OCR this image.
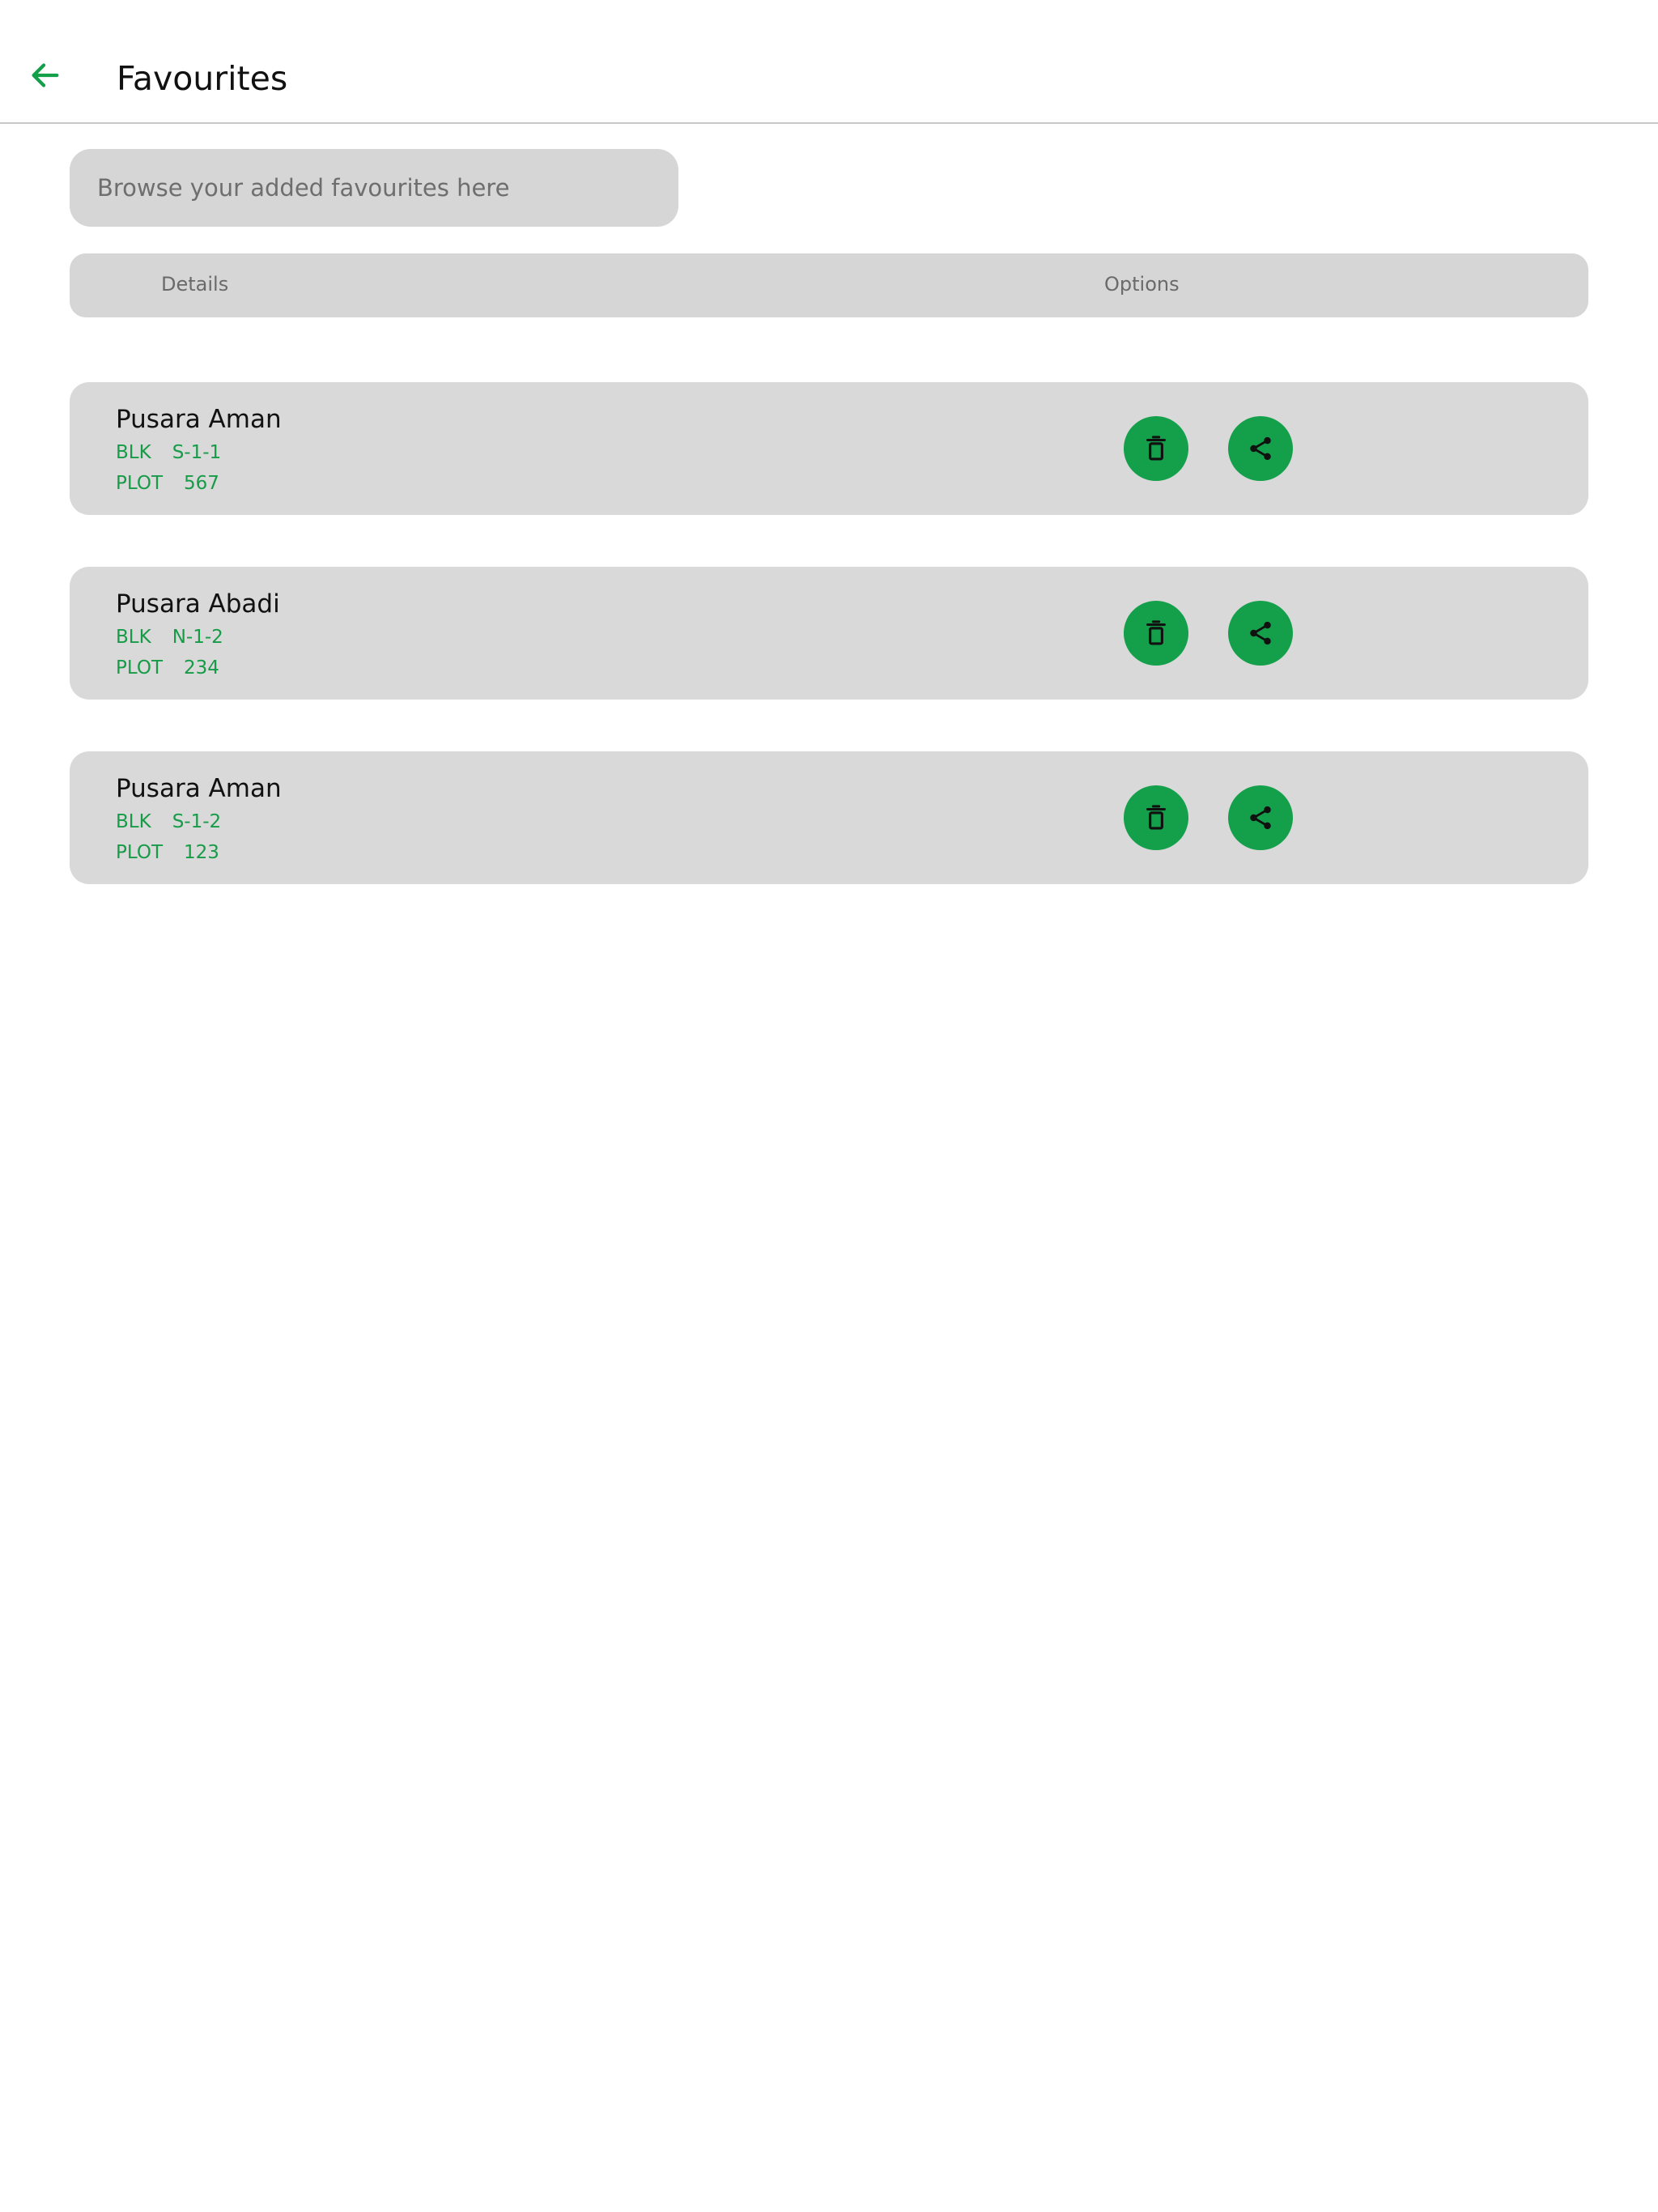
Favourites
Browse your added favourites here
Details	Options
Pusara Aman
BLK S-1-1
PLOT 567
Pusara Abadi
BLK N-1-2
PLOT 234
Pusara Aman
BLK S-1-2
PLOT 123
